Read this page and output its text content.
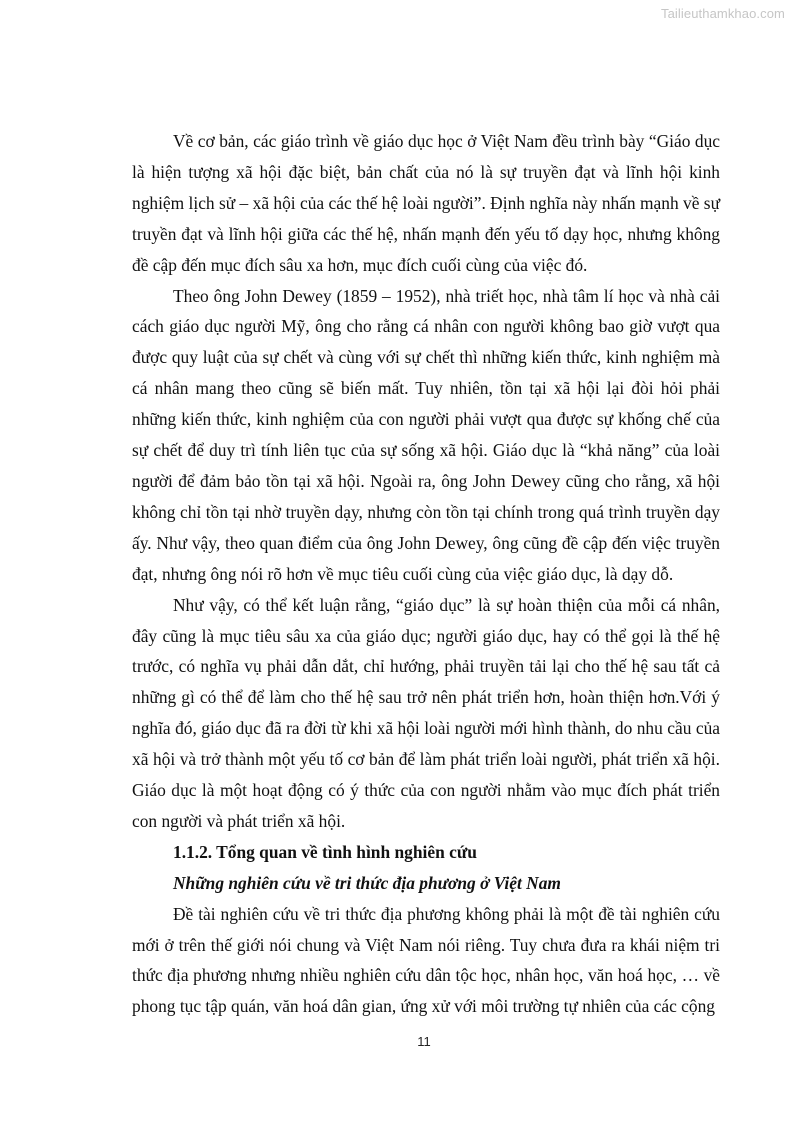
Tailieuthamkhao.com

Về cơ bản, các giáo trình về giáo dục học ở Việt Nam đều trình bày “Giáo dục là hiện tượng xã hội đặc biệt, bản chất của nó là sự truyền đạt và lĩnh hội kinh nghiệm lịch sử – xã hội của các thế hệ loài người”. Định nghĩa này nhấn mạnh về sự truyền đạt và lĩnh hội giữa các thế hệ, nhấn mạnh đến yếu tố dạy học, nhưng không đề cập đến mục đích sâu xa hơn, mục đích cuối cùng của việc đó.

Theo ông John Dewey (1859 – 1952), nhà triết học, nhà tâm lí học và nhà cải cách giáo dục người Mỹ, ông cho rằng cá nhân con người không bao giờ vượt qua được quy luật của sự chết và cùng với sự chết thì những kiến thức, kinh nghiệm mà cá nhân mang theo cũng sẽ biến mất. Tuy nhiên, tồn tại xã hội lại đòi hỏi phải những kiến thức, kinh nghiệm của con người phải vượt qua được sự khống chế của sự chết để duy trì tính liên tục của sự sống xã hội. Giáo dục là “khả năng” của loài người để đảm bảo tồn tại xã hội. Ngoài ra, ông John Dewey cũng cho rằng, xã hội không chỉ tồn tại nhờ truyền dạy, nhưng còn tồn tại chính trong quá trình truyền dạy ấy. Như vậy, theo quan điểm của ông John Dewey, ông cũng đề cập đến việc truyền đạt, nhưng ông nói rõ hơn về mục tiêu cuối cùng của việc giáo dục, là dạy dỗ.

Như vậy, có thể kết luận rằng, “giáo dục” là sự hoàn thiện của mỗi cá nhân, đây cũng là mục tiêu sâu xa của giáo dục; người giáo dục, hay có thể gọi là thế hệ trước, có nghĩa vụ phải dẫn dắt, chỉ hướng, phải truyền tải lại cho thế hệ sau tất cả những gì có thể để làm cho thế hệ sau trở nên phát triển hơn, hoàn thiện hơn.Với ý nghĩa đó, giáo dục đã ra đời từ khi xã hội loài người mới hình thành, do nhu cầu của xã hội và trở thành một yếu tố cơ bản để làm phát triển loài người, phát triển xã hội. Giáo dục là một hoạt động có ý thức của con người nhằm vào mục đích phát triển con người và phát triển xã hội.

1.1.2. Tổng quan về tình hình nghiên cứu

Những nghiên cứu về tri thức địa phương ở Việt Nam

Đề tài nghiên cứu về tri thức địa phương không phải là một đề tài nghiên cứu mới ở trên thế giới nói chung và Việt Nam nói riêng. Tuy chưa đưa ra khái niệm tri thức địa phương nhưng nhiều nghiên cứu dân tộc học, nhân học, văn hoá học, … về phong tục tập quán, văn hoá dân gian, ứng xử với môi trường tự nhiên của các cộng

11
